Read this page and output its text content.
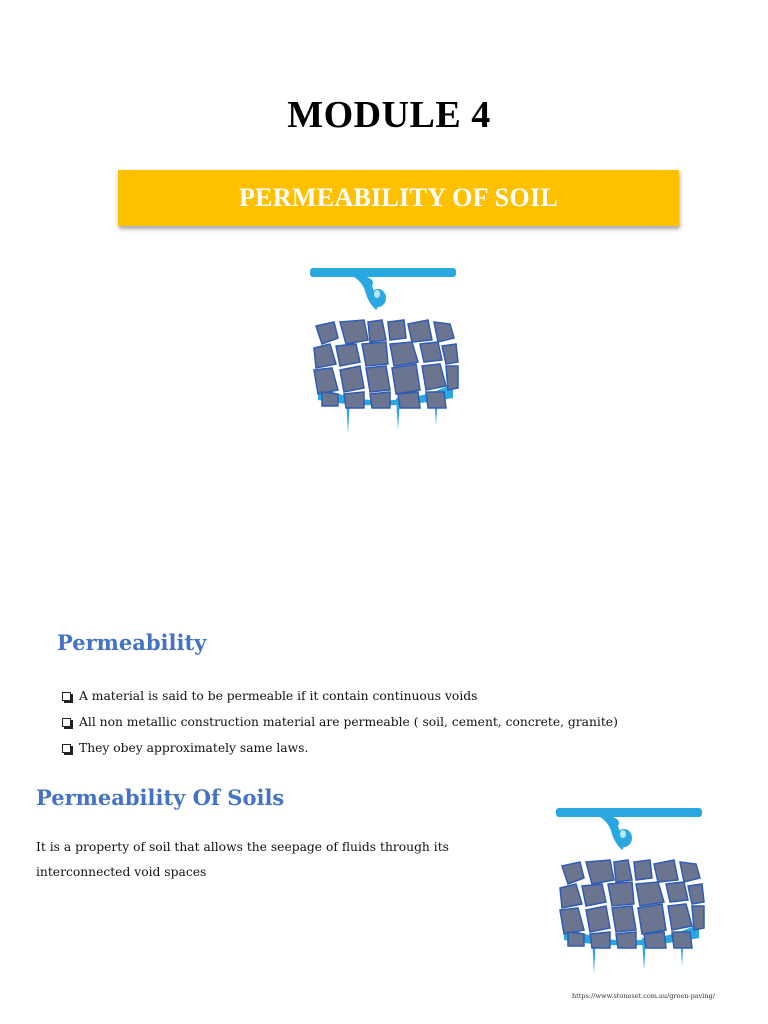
MODULE 4
PERMEABILITY OF SOIL
Permeability
A material is said to be permeable if it contain continuous voids
All non metallic construction material are permeable ( soil, cement, concrete, granite)
They obey approximately same laws.
Permeability Of Soils
It is a property of soil that allows the seepage of fluids through its
interconnected void spaces
https://www.stoneset.com.au/green-paving/
